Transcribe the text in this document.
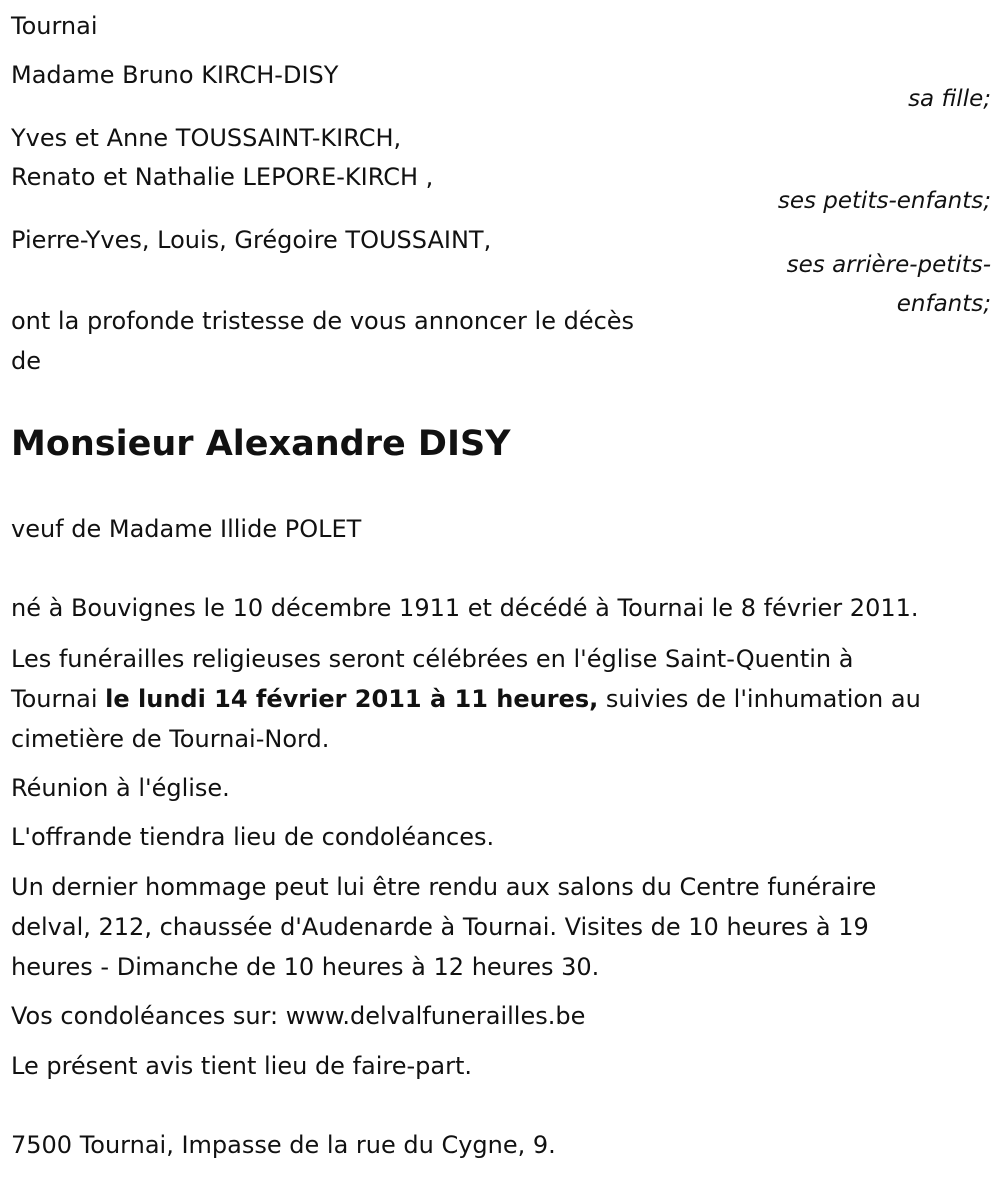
Tournai

Madame Bruno KIRCH-DISY

sa fille;

Yves et Anne TOUSSAINT-KIRCH,

Renato et Nathalie LEPORE-KIRCH ,

ses petits-enfants;

Pierre-Yves, Louis, Grégoire TOUSSAINT,

ses arrière-petits-

enfants;

ont la profonde tristesse de vous annoncer le décès

de

Monsieur Alexandre DISY

veuf de Madame Illide POLET

né à Bouvignes le 10 décembre 1911 et décédé à Tournai le 8 février 2011.

Les funérailles religieuses seront célébrées en l'église Saint-Quentin à

Tournai le lundi 14 février 2011 à 11 heures, suivies de l'inhumation au

cimetière de Tournai-Nord.

Réunion à l'église.

L'offrande tiendra lieu de condoléances.

Un dernier hommage peut lui être rendu aux salons du Centre funéraire

delval, 212, chaussée d'Audenarde à Tournai. Visites de 10 heures à 19

heures - Dimanche de 10 heures à 12 heures 30.

Vos condoléances sur: www.delvalfunerailles.be

Le présent avis tient lieu de faire-part.

7500 Tournai, Impasse de la rue du Cygne, 9.
